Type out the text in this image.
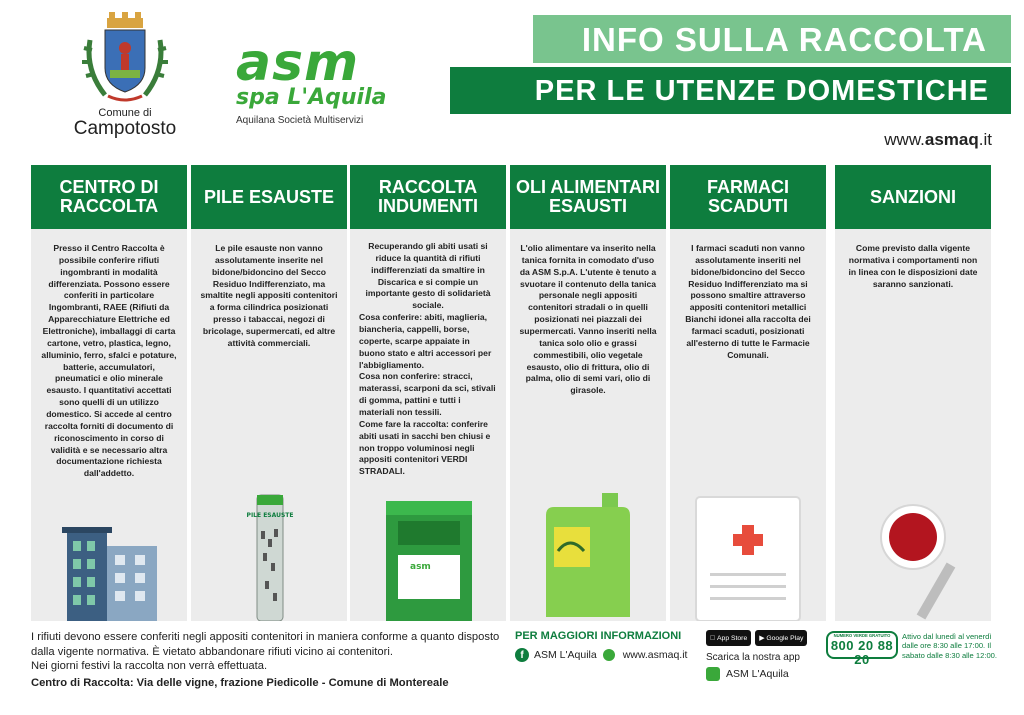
Comune di
Campotosto
asm
spa L'Aquila
Aquilana Società Multiservizi
INFO SULLA RACCOLTA
PER LE UTENZE DOMESTICHE
www.asmaq.it
CENTRO DI RACCOLTA
Presso il Centro Raccolta è possibile conferire rifiuti ingombranti in modalità differenziata. Possono essere conferiti in particolare Ingombranti, RAEE (Rifiuti da Apparecchiature Elettriche ed Elettroniche), imballaggi di carta cartone, vetro, plastica, legno, alluminio, ferro, sfalci e potature, batterie, accumulatori, pneumatici e olio minerale esausto. I quantitativi accettati sono quelli di un utilizzo domestico. Si accede al centro raccolta forniti di documento di riconoscimento in corso di validità e se necessario altra documentazione richiesta dall'addetto.
PILE ESAUSTE
Le pile esauste non vanno assolutamente inserite nel bidone/bidoncino del Secco Residuo Indifferenziato, ma smaltite negli appositi contenitori a forma cilindrica posizionati presso i tabaccai, negozi di bricolage, supermercati, ed altre attività commerciali.
PILE ESAUSTE
RACCOLTA INDUMENTI
Recuperando gli abiti usati si riduce la quantità di rifiuti indifferenziati da smaltire in Discarica e si compie un importante gesto di solidarietà sociale.
Cosa conferire: abiti, maglieria, biancheria, cappelli, borse, coperte, scarpe appaiate in buono stato e altri accessori per l'abbigliamento.
Cosa non conferire: stracci, materassi, scarponi da sci, stivali di gomma, pattini e tutti i materiali non tessili.
Come fare la raccolta: conferire abiti usati in sacchi ben chiusi e non troppo voluminosi negli appositi contenitori VERDI STRADALI.
asm
OLI ALIMENTARI ESAUSTI
L'olio alimentare va inserito nella tanica fornita in comodato d'uso da ASM S.p.A. L'utente è tenuto a svuotare il contenuto della tanica personale negli appositi contenitori stradali o in quelli posizionati nei piazzali dei supermercati. Vanno inseriti nella tanica solo olio e grassi commestibili, olio vegetale esausto, olio di frittura, olio di palma, olio di semi vari, olio di girasole.
FARMACI SCADUTI
I farmaci scaduti non vanno assolutamente inseriti nel bidone/bidoncino del Secco Residuo Indifferenziato ma si possono smaltire attraverso appositi contenitori metallici Bianchi idonei alla raccolta dei farmaci scaduti, posizionati all'esterno di tutte le Farmacie Comunali.
SANZIONI
Come previsto dalla vigente normativa i comportamenti non in linea con le disposizioni date saranno sanzionati.
I rifiuti devono essere conferiti negli appositi contenitori in maniera conforme a quanto disposto dalla vigente normativa. È vietato abbandonare rifiuti vicino ai contenitori.
Nei giorni festivi la raccolta non verrà effettuata.
Centro di Raccolta: Via delle vigne, frazione Piedicolle - Comune di Montereale
PER MAGGIORI INFORMAZIONI
f ASM L'Aquila www.asmaq.it
App Store ▶ Google Play
Scarica la nostra app
ASM L'Aquila
NUMERO VERDE GRATUITO
800 20 88 20
Attivo dal lunedì al venerdì dalle ore 8:30 alle 17:00. Il sabato dalle 8:30 alle 12:00.
